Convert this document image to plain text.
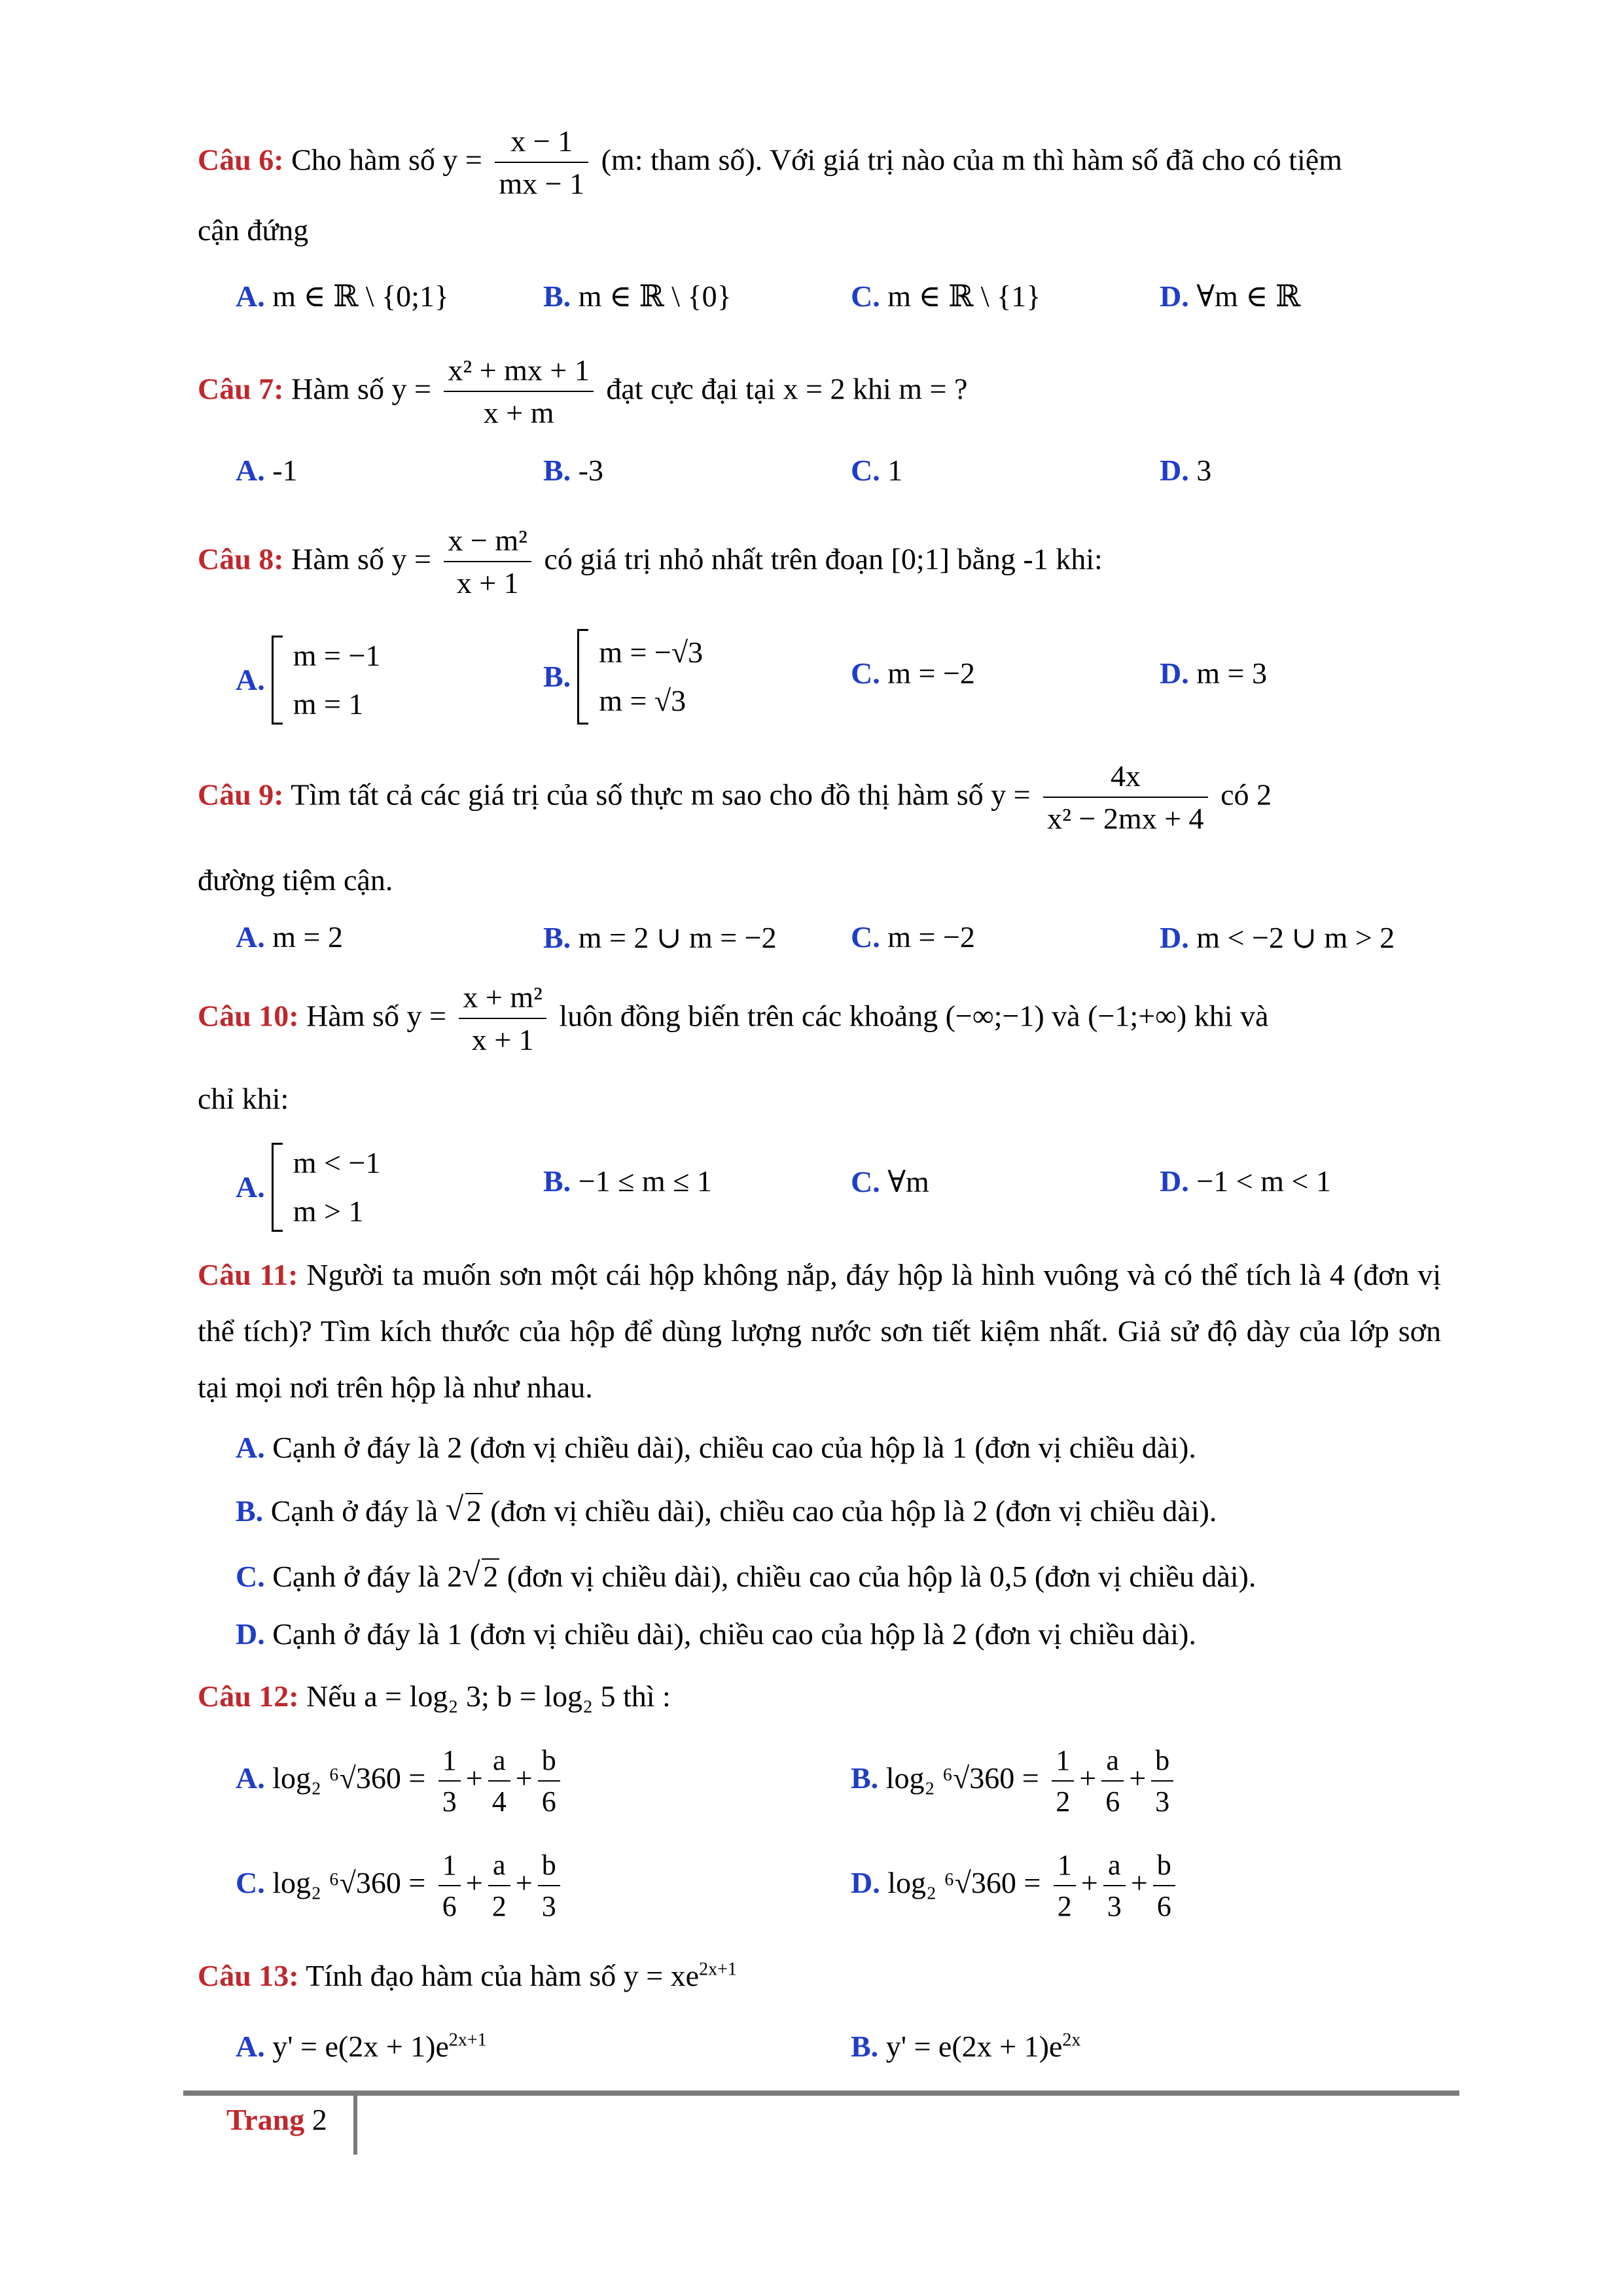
Câu 6: Cho hàm số $y = \frac{x - 1}{mx - 1} (m$: tham số). Với giá trị nào của m thì hàm số đã cho có tiệm
cận đứng
A. m ∈ ℝ \ {0;1}	B. m ∈ ℝ \ {0}	C. m ∈ ℝ \ {1}	D. ∀m ∈ ℝ
Câu 7: Hàm số $y = \frac{\text{x² + mx + 1}}{x + m}$ đạt cực đại tại x = 2 khi m = ?
A. -1	B. -3	C. 1	D. 3
Câu 8: Hàm số $y = \frac{\text{x − m²}}{x + 1}$ có giá trị nhỏ nhất trên đoạn [0;1] bằng -1 khi:
A.
m = −1
m = 1
B.
m = −√3
m = √3
C. m = −2	D. m = 3
Câu 9: Tìm tất cả các giá trị của số thực m sao cho đồ thị hàm số $y = \frac{4x}{\text{x² − 2mx + 4}}$ có 2
đường tiệm cận.
A. m = 2	B. m = 2 ∪ m = −2 C. m = −2	D. m < −2 ∪ m > 2
Câu 10: Hàm số $y = \frac{\text{x + m²}}{x + 1}$ luôn đồng biến trên các khoảng (−∞;−1) và (−1;+∞) khi và
chỉ khi:
A.
m < −1
m > 1
B. −1 ≤ m ≤ 1	C. ∀m	D. −1 < m < 1
Câu 11: Người ta muốn sơn một cái hộp không nắp, đáy hộp là hình vuông và có thể tích là 4 (đơn vị thể tích)? Tìm kích thước của hộp để dùng lượng nước sơn tiết kiệm nhất. Giả sử độ dày của lớp sơn tại mọi nơi trên hộp là như nhau.
A. Cạnh ở đáy là 2 (đơn vị chiều dài), chiều cao của hộp là 1 (đơn vị chiều dài).
B. Cạnh ở đáy là √ 2 (đơn vị chiều dài), chiều cao của hộp là 2 (đơn vị chiều dài).
C. Cạnh ở đáy là 2 √ 2 (đơn vị chiều dài), chiều cao của hộp là 0,5 (đơn vị chiều dài).
D. Cạnh ở đáy là 1 (đơn vị chiều dài), chiều cao của hộp là 2 (đơn vị chiều dài).
Câu 12: Nếu a = log₂ 3; b = log₂ 5 thì :
A. log₂ $^6√360 = \frac{1}{3} + \frac{a}{4} + \frac{b}{6}$	B. log₂ $^6√360 = \frac{1}{2} + \frac{a}{6} + \frac{b}{3}$
C. log₂ $^6√360 = \frac{1}{6} + \frac{a}{2} + \frac{b}{3}$	D. log₂ $^6√360 = \frac{1}{2} + \frac{a}{3} + \frac{b}{6}$
Câu 13: Tính đạo hàm của hàm số $y = xe^{2x+1}$
A. $y' = e(2x + 1)e^{2x+1}$	B. $y' = e(2x + 1)e^{2x}$
Trang 2
